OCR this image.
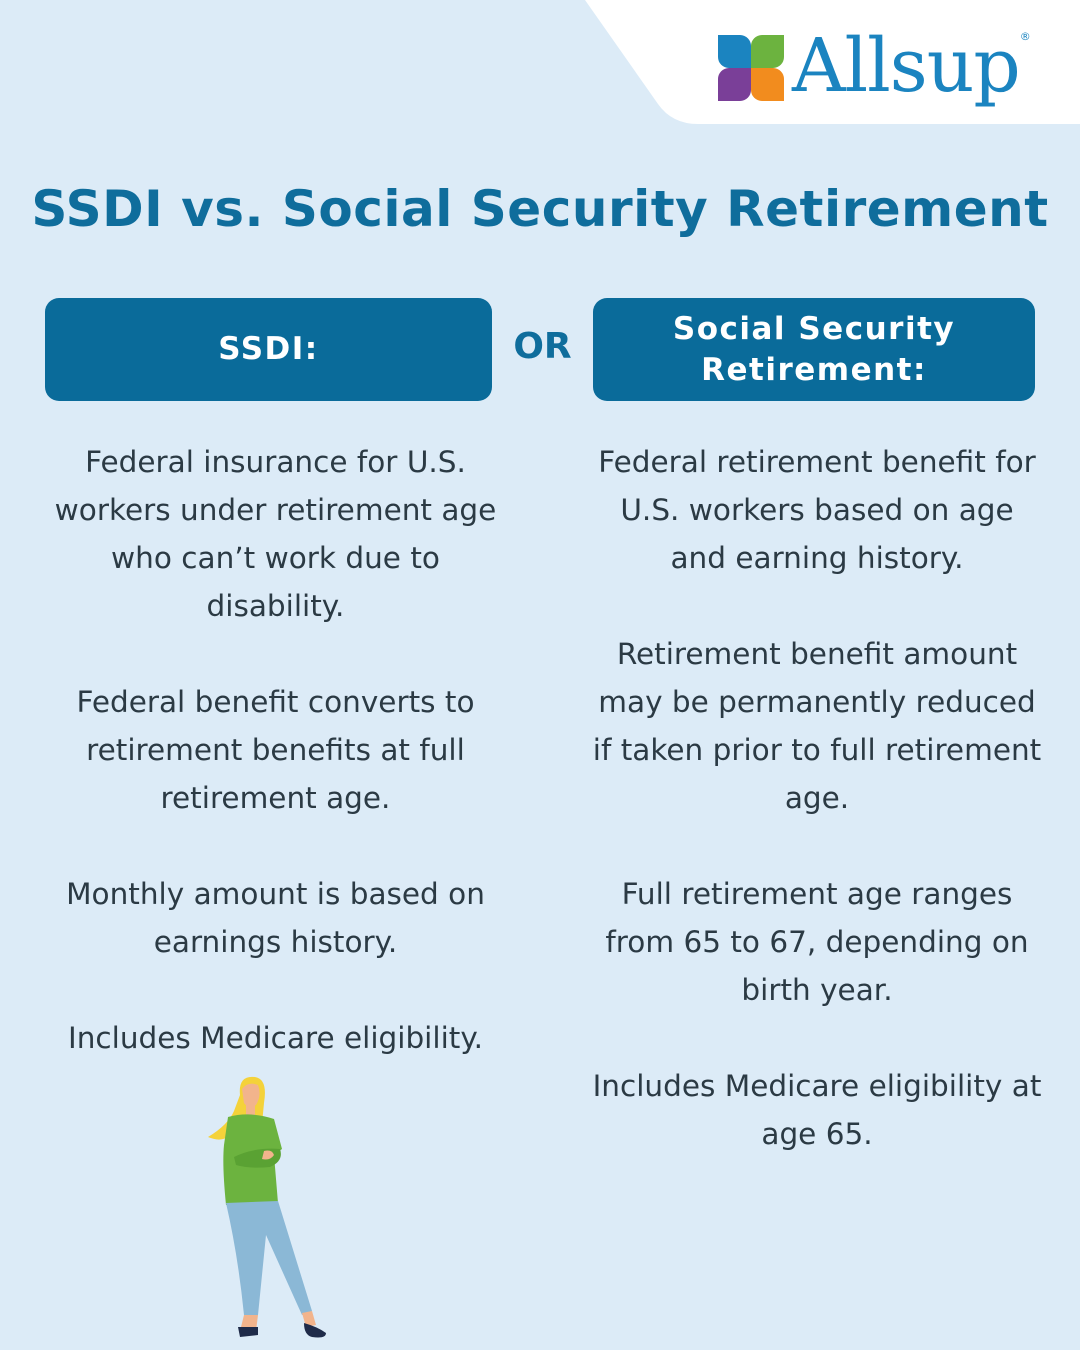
Allsup ®
SSDI vs. Social Security Retirement
SSDI:	OR	Social Security Retirement:

Federal insurance for U.S. workers under retirement age who can’t work due to disability.

Federal benefit converts to retirement benefits at full retirement age.

Monthly amount is based on earnings history.

Includes Medicare eligibility.

Federal retirement benefit for U.S. workers based on age and earning history.

Retirement benefit amount may be permanently reduced if taken prior to full retirement age.

Full retirement age ranges from 65 to 67, depending on birth year.

Includes Medicare eligibility at age 65.
